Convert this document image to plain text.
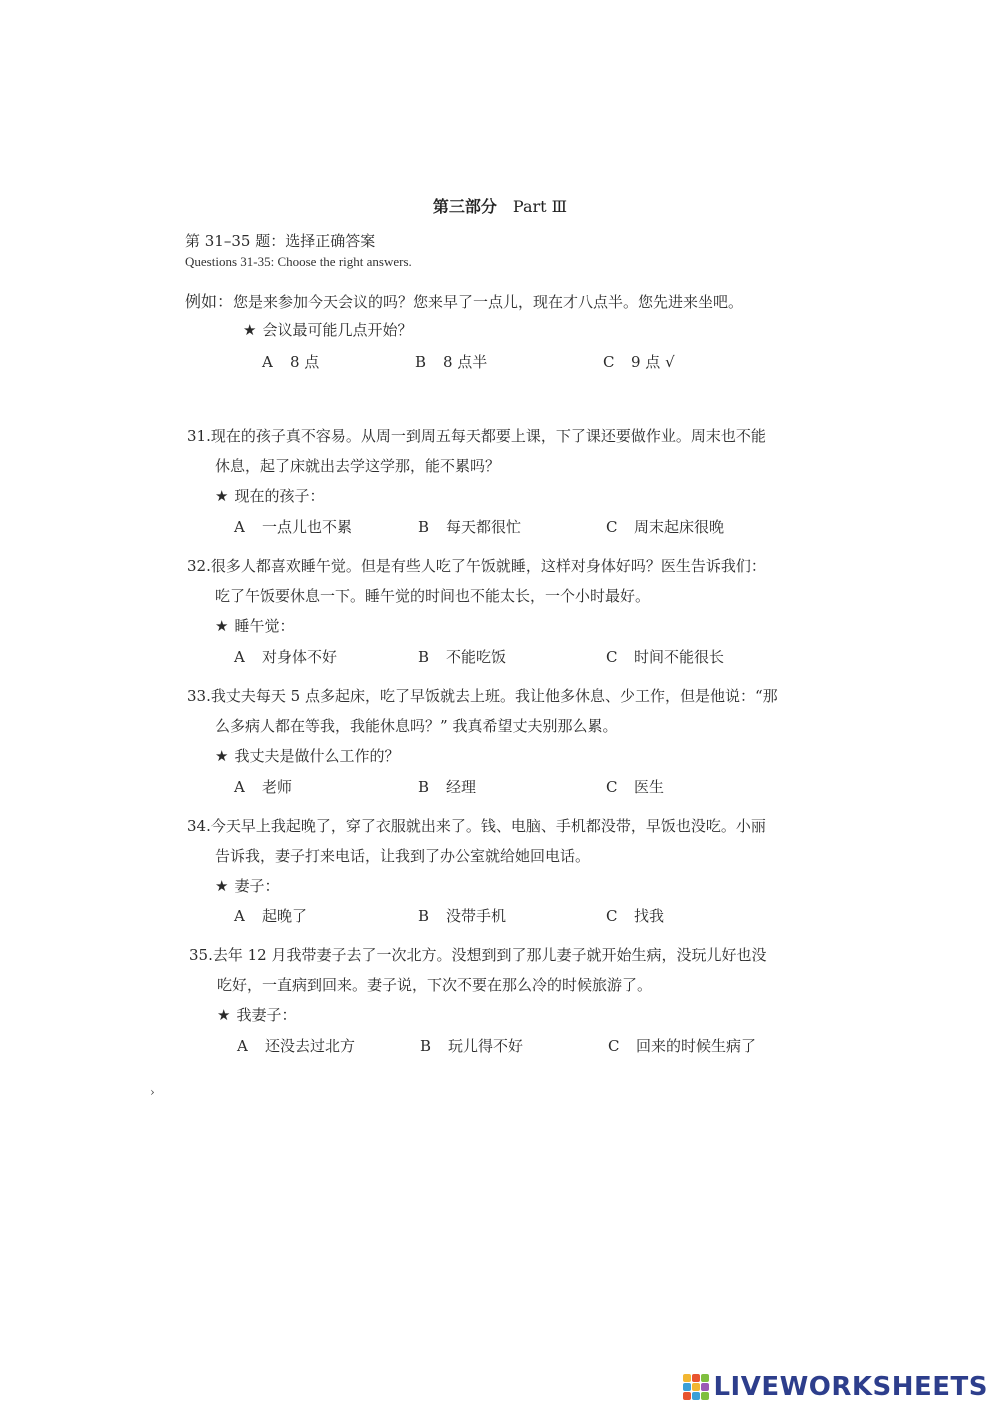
第三部分 Part Ⅲ
第 31–35 题：选择正确答案
Questions 31-35: Choose the right answers.
例如：您是来参加今天会议的吗？您来早了一点儿，现在才八点半。您先进来坐吧。
★ 会议最可能几点开始？
A 8 点	B 8 点半	C 9 点 √
31.现在的孩子真不容易。从周一到周五每天都要上课，下了课还要做作业。周末也不能
休息，起了床就出去学这学那，能不累吗？
★ 现在的孩子：
A 一点儿也不累	B 每天都很忙	C 周末起床很晚
32.很多人都喜欢睡午觉。但是有些人吃了午饭就睡，这样对身体好吗？医生告诉我们：
吃了午饭要休息一下。睡午觉的时间也不能太长，一个小时最好。
★ 睡午觉：
A 对身体不好	B 不能吃饭	C 时间不能很长
33.我丈夫每天 5 点多起床，吃了早饭就去上班。我让他多休息、少工作，但是他说：“那
么多病人都在等我，我能休息吗？” 我真希望丈夫别那么累。
★ 我丈夫是做什么工作的？
A 老师	B 经理	C 医生
34.今天早上我起晚了，穿了衣服就出来了。钱、电脑、手机都没带，早饭也没吃。小丽
告诉我，妻子打来电话，让我到了办公室就给她回电话。
★ 妻子：
A 起晚了	B 没带手机	C 找我
35.去年 12 月我带妻子去了一次北方。没想到到了那儿妻子就开始生病，没玩儿好也没
吃好，一直病到回来。妻子说，下次不要在那么冷的时候旅游了。
★ 我妻子：
A 还没去过北方	B 玩儿得不好	C 回来的时候生病了
›
LIVEWORKSHEETS
